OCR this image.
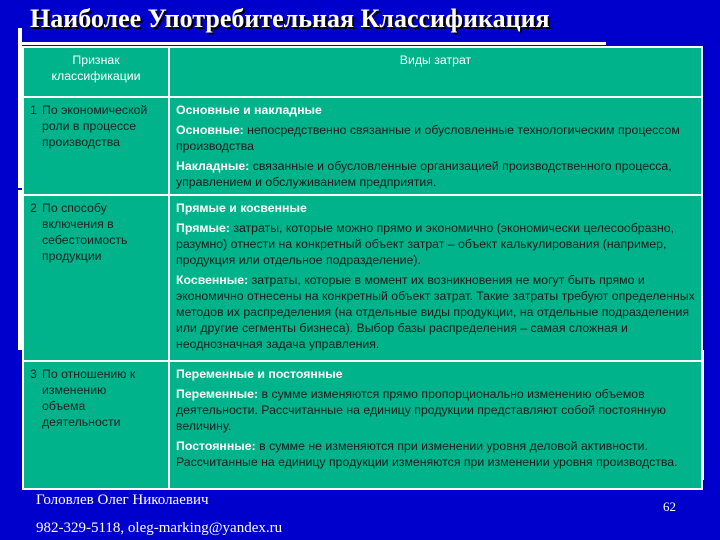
Наиболее Употребительная Классификация
Признак классификации	Виды затрат
1 По экономической роли в процессе производства	Основные и накладные
Основные: непосредственно связанные и обусловленные технологическим процессом производства
Накладные: связанные и обусловленные организацией производственного процесса, управлением и обслуживанием предприятия.

2 По способу включения в себестоимость продукции	Прямые и косвенные
Прямые: затраты, которые можно прямо и экономично (экономически целесообразно, разумно) отнести на конкретный объект затрат – объект калькулирования (например, продукция или отдельное подразделение).
Косвенные: затраты, которые в момент их возникновения не могут быть прямо и экономично отнесены на конкретный объект затрат. Такие затраты требуют определенных методов их распределения (на отдельные виды продукции, на отдельные подразделения или другие сегменты бизнеса). Выбор базы распределения – самая сложная и неоднозначная задача управления.

3 По отношению к изменению объема деятельности	Переменные и постоянные
Переменные: в сумме изменяются прямо пропорционально изменению объемов деятельности. Рассчитанные на единицу продукции представляют собой постоянную величину.
Постоянные: в сумме не изменяются при изменении уровня деловой активности. Рассчитанные на единицу продукции изменяются при изменении уровня производства.
Головлев Олег Николаевич
982-329-5118, oleg-marking@yandex.ru
62
